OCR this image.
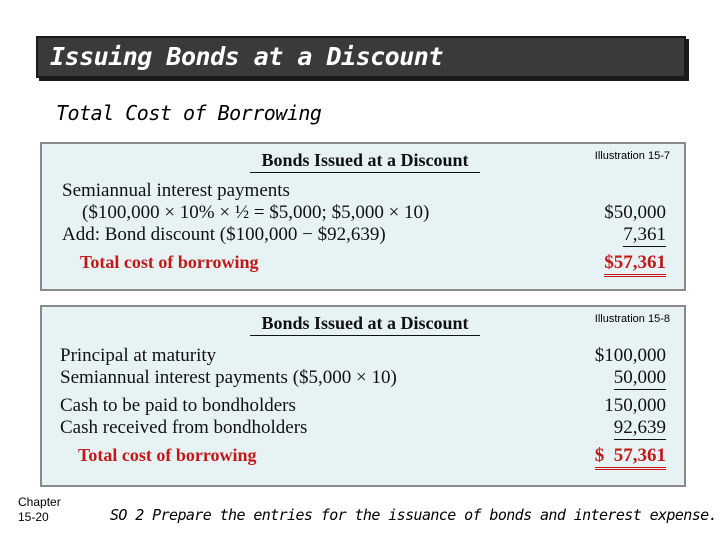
Issuing Bonds at a Discount
Total Cost of Borrowing
Illustration 15-7
Bonds Issued at a Discount
Semiannual interest payments
($100,000 × 10% × ½ = $5,000; $5,000 × 10)	$50,000
Add: Bond discount ($100,000 − $92,639)	7,361
Total cost of borrowing	$57,361
Illustration 15-8
Bonds Issued at a Discount
Principal at maturity	$100,000
Semiannual interest payments ($5,000 × 10)	50,000
Cash to be paid to bondholders	150,000
Cash received from bondholders	92,639
Total cost of borrowing	$  57,361
Chapter
15-20	SO 2 Prepare the entries for the issuance of bonds and interest expense.
